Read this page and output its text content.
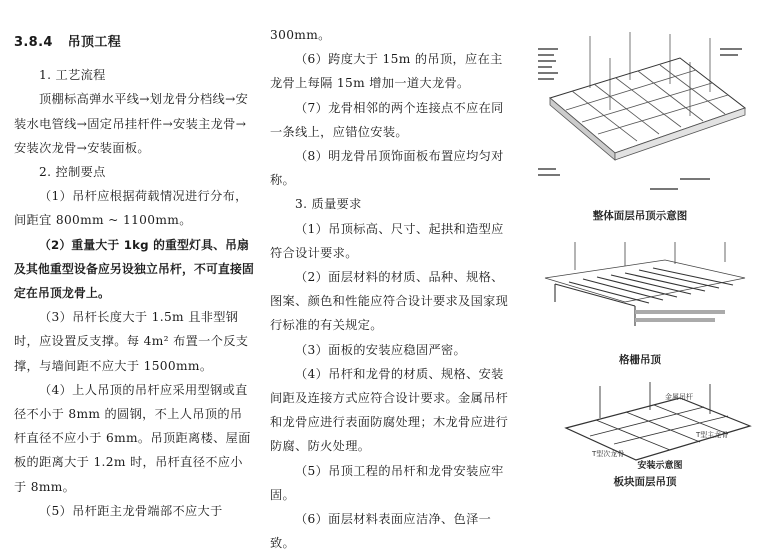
3.8.4 吊顶工程

1. 工艺流程

顶棚标高弹水平线→划龙骨分档线→安装水电管线→固定吊挂杆件→安装主龙骨→安装次龙骨→安装面板。

2. 控制要点

（1）吊杆应根据荷载情况进行分布，间距宜 800mm ~ 1100mm。

（2）重量大于 1kg 的重型灯具、吊扇及其他重型设备应另设独立吊杆，不可直接固定在吊顶龙骨上。

（3）吊杆长度大于 1.5m 且非型钢时，应设置反支撑。每 4m² 布置一个反支撑，与墙间距不应大于 1500mm。

（4）上人吊顶的吊杆应采用型钢或直径不小于 8mm 的圆钢，不上人吊顶的吊杆直径不应小于 6mm。吊顶距离楼、屋面板的距离大于 1.2m 时，吊杆直径不应小于 8mm。

（5）吊杆距主龙骨端部不应大于

300mm。

（6）跨度大于 15m 的吊顶，应在主龙骨上每隔 15m 增加一道大龙骨。

（7）龙骨相邻的两个连接点不应在同一条线上，应错位安装。

（8）明龙骨吊顶饰面板布置应均匀对称。

3. 质量要求

（1）吊顶标高、尺寸、起拱和造型应符合设计要求。

（2）面层材料的材质、品种、规格、图案、颜色和性能应符合设计要求及国家现行标准的有关规定。

（3）面板的安装应稳固严密。

（4）吊杆和龙骨的材质、规格、安装间距及连接方式应符合设计要求。金属吊杆和龙骨应进行表面防腐处理；木龙骨应进行防腐、防火处理。

（5）吊顶工程的吊杆和龙骨安装应牢固。

（6）面层材料表面应洁净、色泽一致。

整体面层吊顶示意图
格栅吊顶
金属吊杆
T型主龙骨
T型次龙骨
安装示意图
板块面层吊顶
